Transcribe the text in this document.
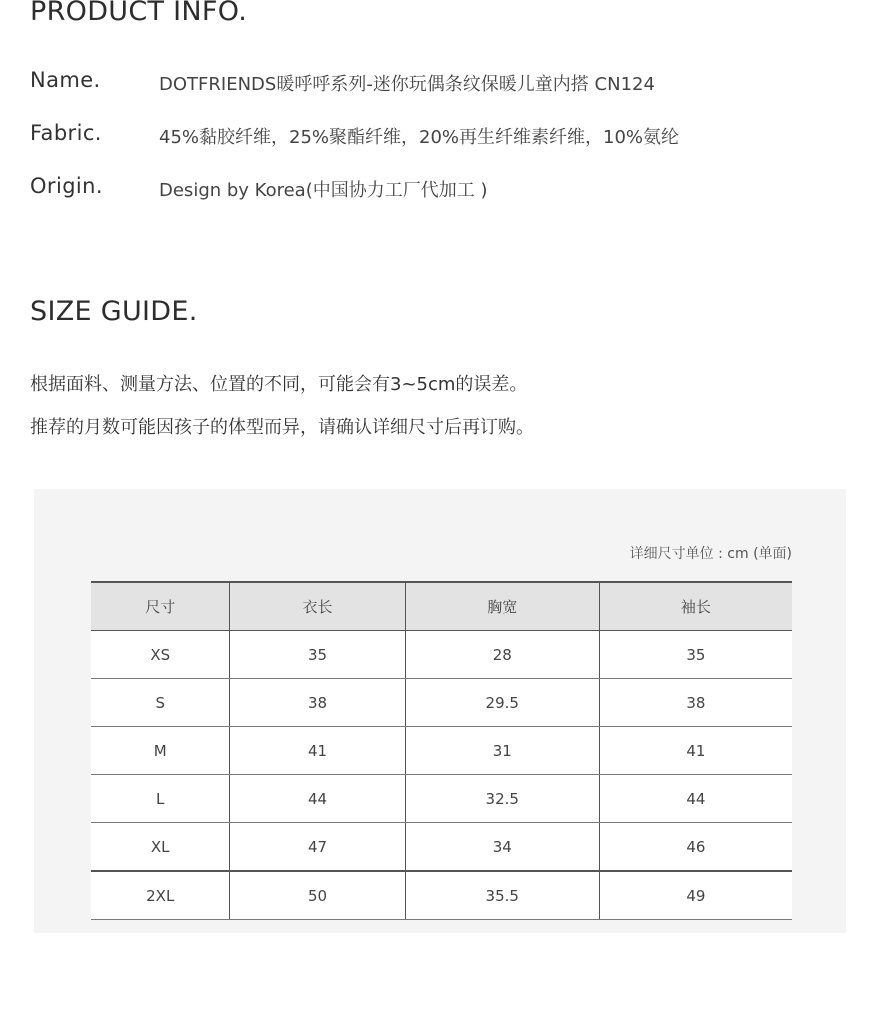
PRODUCT INFO.
Name.	DOTFRIENDS暖呼呼系列-迷你玩偶条纹保暖儿童内搭 CN124
Fabric.	45%黏胶纤维，25%聚酯纤维，20%再生纤维素纤维，10%氨纶
Origin.	Design by Korea(中国协力工厂代加工 )
SIZE GUIDE.

根据面料、测量方法、位置的不同，可能会有3~5cm的误差。

推荐的月数可能因孩子的体型而异，请确认详细尺寸后再订购。

详细尺寸单位 : cm (单面)
尺寸	衣长	胸宽	袖长
XS	35	28	35
S	38	29.5	38
M	41	31	41
L	44	32.5	44
XL	47	34	46
2XL	50	35.5	49
